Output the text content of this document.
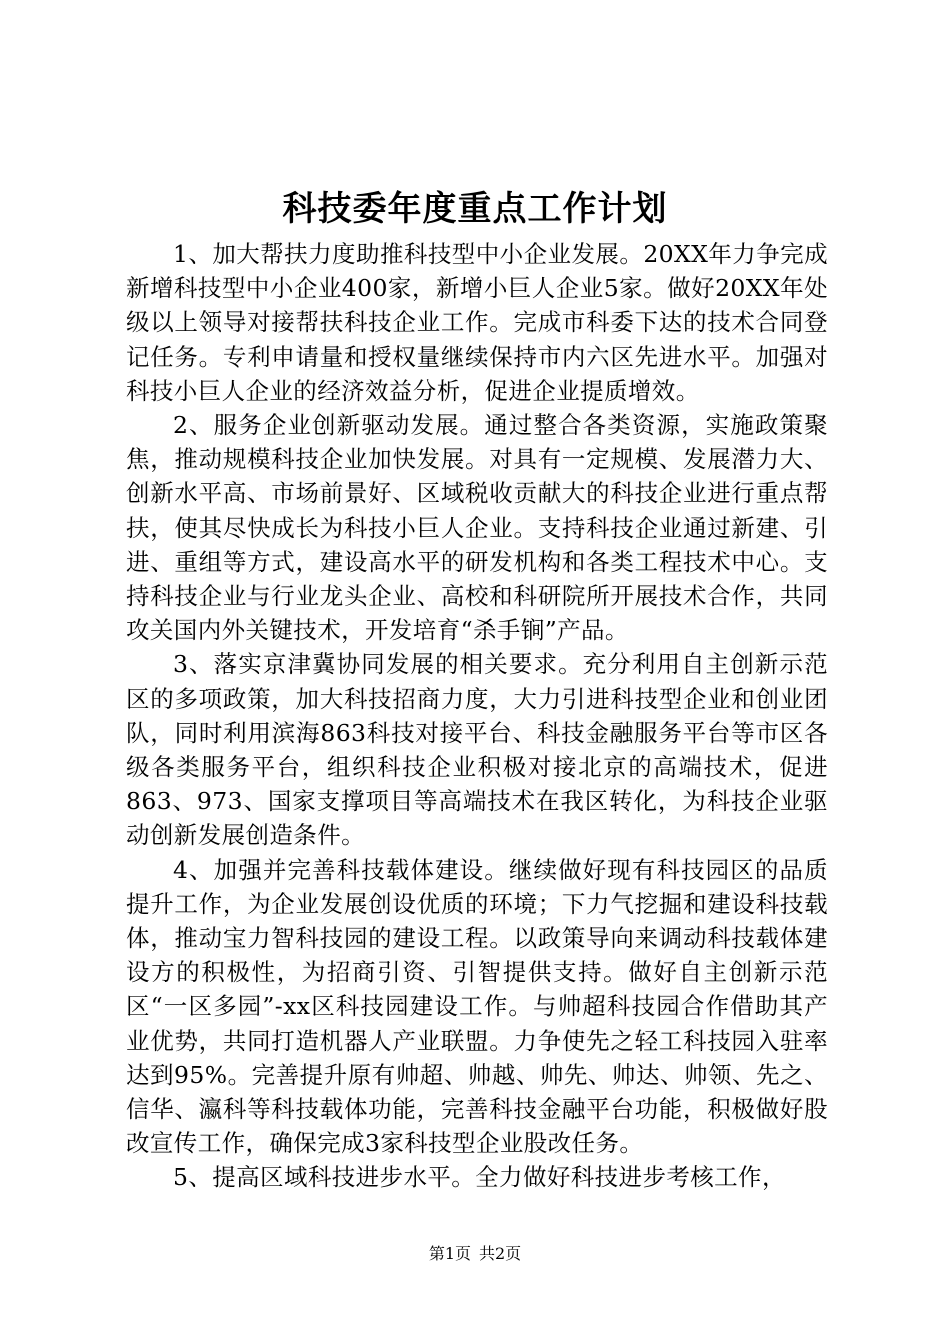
科技委年度重点工作计划

1、加大帮扶力度助推科技型中小企业发展。20XX年力争完成新增科技型中小企业400家，新增小巨人企业5家。做好20XX年处级以上领导对接帮扶科技企业工作。完成市科委下达的技术合同登记任务。专利申请量和授权量继续保持市内六区先进水平。加强对科技小巨人企业的经济效益分析，促进企业提质增效。

2、服务企业创新驱动发展。通过整合各类资源，实施政策聚焦，推动规模科技企业加快发展。对具有一定规模、发展潜力大、创新水平高、市场前景好、区域税收贡献大的科技企业进行重点帮扶，使其尽快成长为科技小巨人企业。支持科技企业通过新建、引进、重组等方式，建设高水平的研发机构和各类工程技术中心。支持科技企业与行业龙头企业、高校和科研院所开展技术合作，共同攻关国内外关键技术，开发培育“杀手锏”产品。

3、落实京津冀协同发展的相关要求。充分利用自主创新示范区的多项政策，加大科技招商力度，大力引进科技型企业和创业团队，同时利用滨海863科技对接平台、科技金融服务平台等市区各级各类服务平台，组织科技企业积极对接北京的高端技术，促进863、973、国家支撑项目等高端技术在我区转化，为科技企业驱动创新发展创造条件。

4、加强并完善科技载体建设。继续做好现有科技园区的品质提升工作，为企业发展创设优质的环境；下力气挖掘和建设科技载体，推动宝力智科技园的建设工程。以政策导向来调动科技载体建设方的积极性，为招商引资、引智提供支持。做好自主创新示范区“一区多园”-xx区科技园建设工作。与帅超科技园合作借助其产业优势，共同打造机器人产业联盟。力争使先之轻工科技园入驻率达到95%。完善提升原有帅超、帅越、帅先、帅达、帅领、先之、信华、瀛科等科技载体功能，完善科技金融平台功能，积极做好股改宣传工作，确保完成3家科技型企业股改任务。

5、提高区域科技进步水平。全力做好科技进步考核工作，

第1页 共2页
